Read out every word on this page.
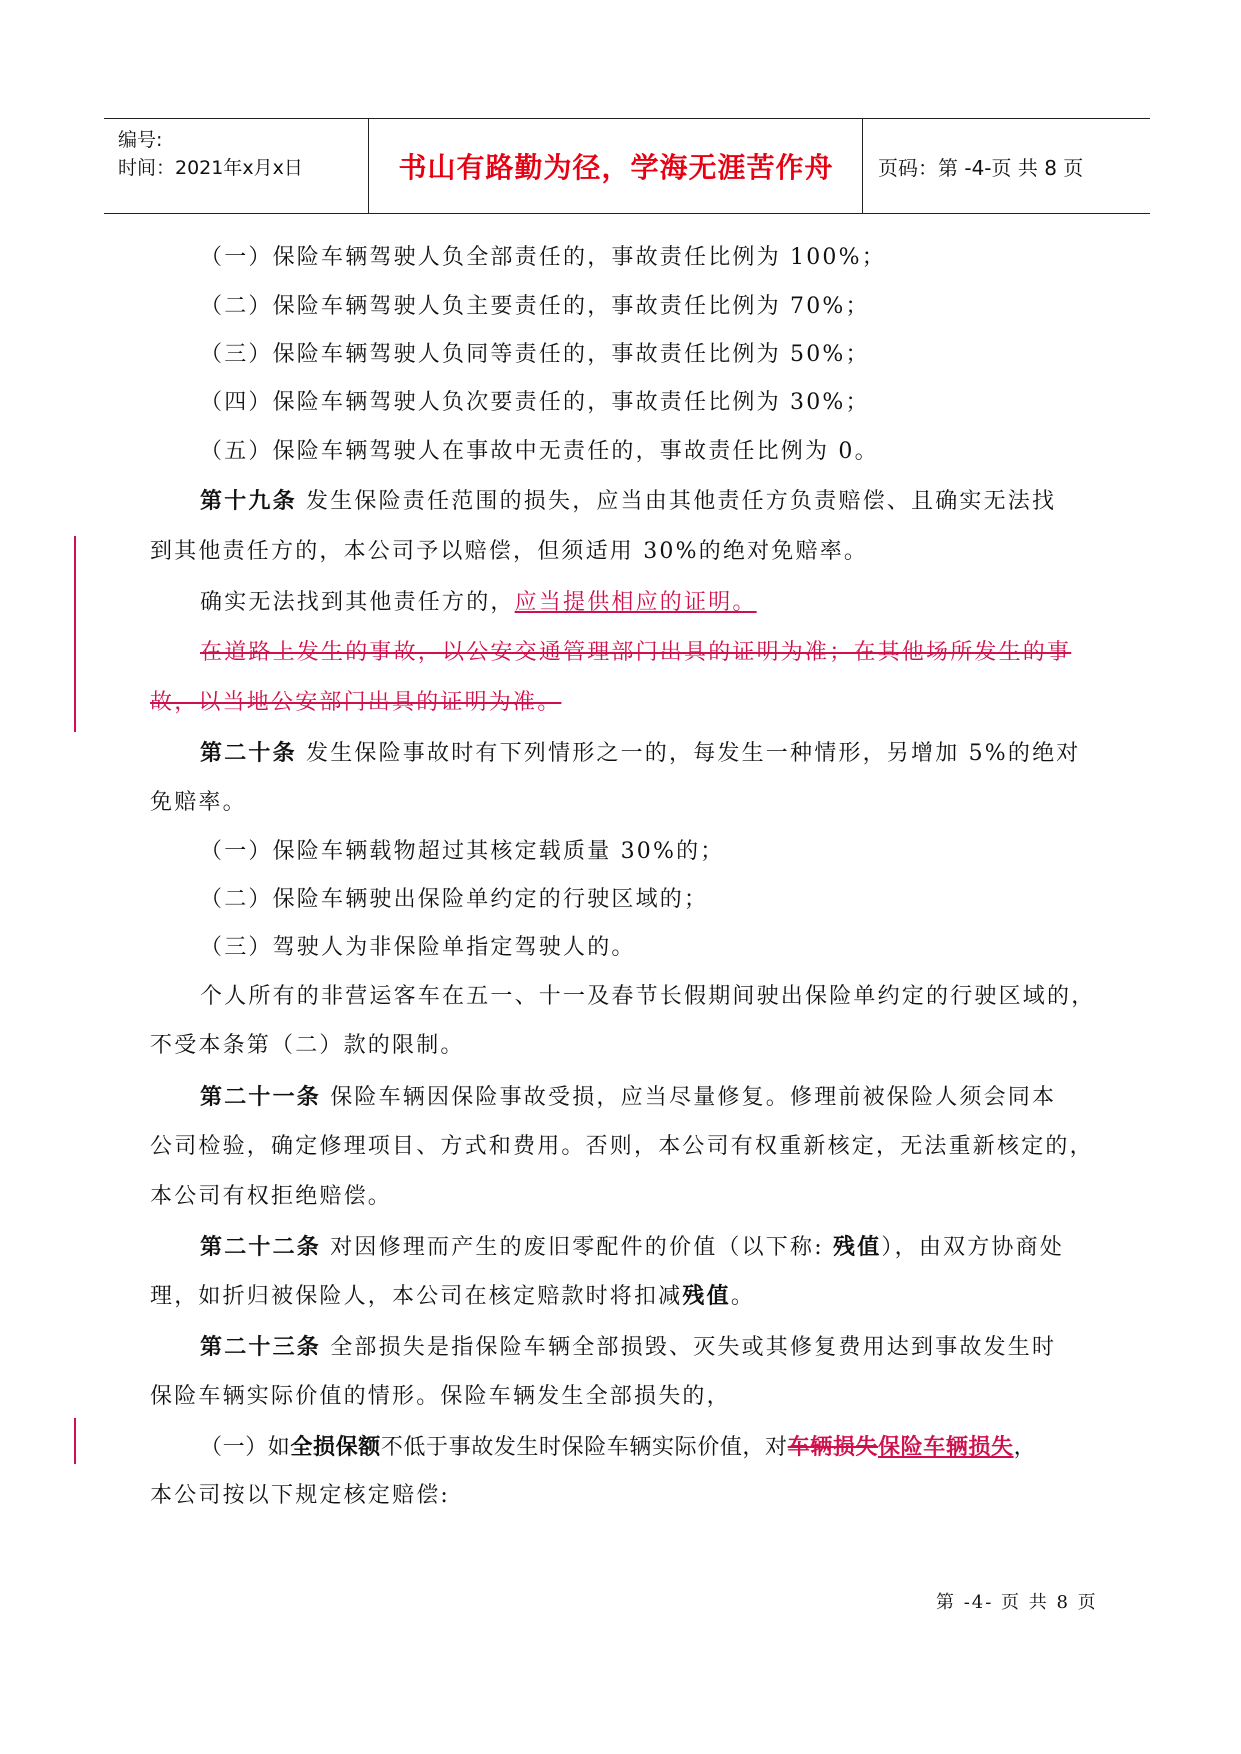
编号:
时间：2021年x月x日	书山有路勤为径，学海无涯苦作舟 页码：第 -4-页 共 8 页
（一）保险车辆驾驶人负全部责任的，事故责任比例为 100%；
（二）保险车辆驾驶人负主要责任的，事故责任比例为 70%；
（三）保险车辆驾驶人负同等责任的，事故责任比例为 50%；
（四）保险车辆驾驶人负次要责任的，事故责任比例为 30%；
（五）保险车辆驾驶人在事故中无责任的，事故责任比例为 0。
第十九条 发生保险责任范围的损失，应当由其他责任方负责赔偿、且确实无法找
到其他责任方的，本公司予以赔偿，但须适用 30%的绝对免赔率。
确实无法找到其他责任方的，应当提供相应的证明。
在道路上发生的事故，以公安交通管理部门出具的证明为准；在其他场所发生的事
故，以当地公安部门出具的证明为准。
第二十条 发生保险事故时有下列情形之一的，每发生一种情形，另增加 5%的绝对
免赔率。
（一）保险车辆载物超过其核定载质量 30%的；
（二）保险车辆驶出保险单约定的行驶区域的；
（三）驾驶人为非保险单指定驾驶人的。
个人所有的非营运客车在五一、十一及春节长假期间驶出保险单约定的行驶区域的，
不受本条第（二）款的限制。
第二十一条 保险车辆因保险事故受损，应当尽量修复。修理前被保险人须会同本
公司检验，确定修理项目、方式和费用。否则，本公司有权重新核定，无法重新核定的，
本公司有权拒绝赔偿。
第二十二条 对因修理而产生的废旧零配件的价值（以下称: 残值），由双方协商处
理，如折归被保险人，本公司在核定赔款时将扣减残值。
第二十三条 全部损失是指保险车辆全部损毁、灭失或其修复费用达到事故发生时
保险车辆实际价值的情形。保险车辆发生全部损失的，
（一）如全损保额不低于事故发生时保险车辆实际价值，对车辆损失保险车辆损失，
本公司按以下规定核定赔偿:
第 -4- 页 共 8 页
